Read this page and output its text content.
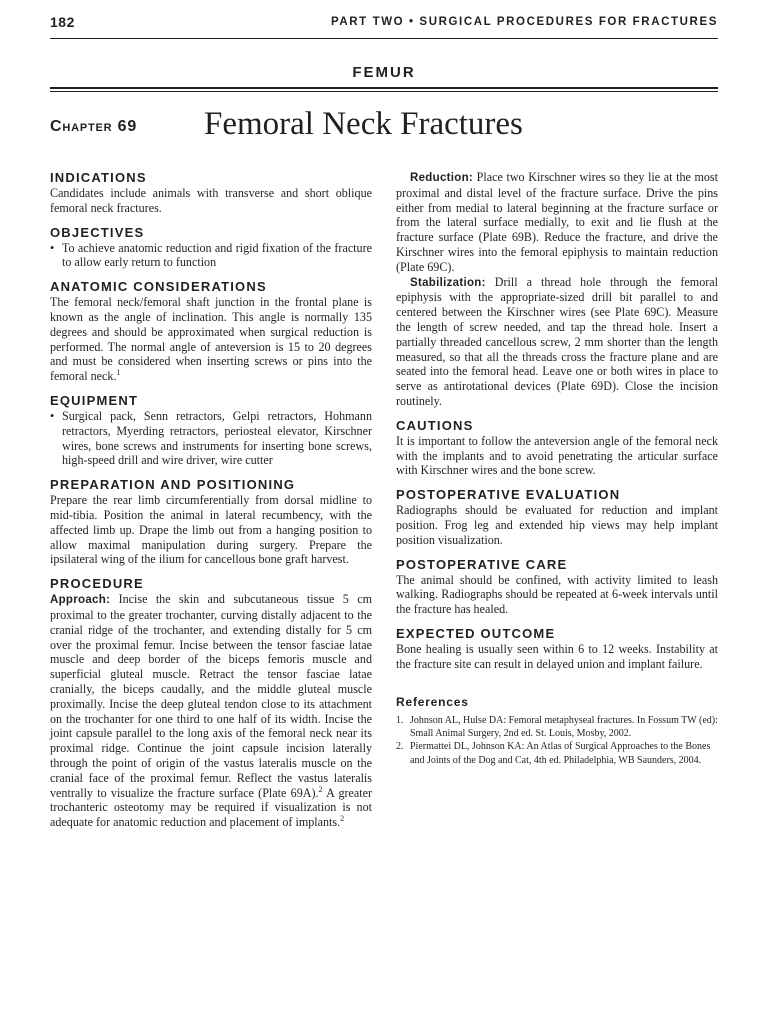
182	PART TWO • SURGICAL PROCEDURES FOR FRACTURES
FEMUR
Chapter 69 Femoral Neck Fractures
INDICATIONS

Candidates include animals with transverse and short oblique femoral neck fractures.

OBJECTIVES
• To achieve anatomic reduction and rigid fixation of the fracture to allow early return to function
ANATOMIC CONSIDERATIONS

The femoral neck/femoral shaft junction in the frontal plane is known as the angle of inclination. This angle is normally 135 degrees and should be approximated when surgical reduction is performed. The normal angle of anteversion is 15 to 20 degrees and must be considered when inserting screws or pins into the femoral neck.$^1$

EQUIPMENT
• Surgical pack, Senn retractors, Gelpi retractors, Hohmann retractors, Myerding retractors, periosteal elevator, Kirschner wires, bone screws and instruments for inserting bone screws, high-speed drill and wire driver, wire cutter
PREPARATION AND POSITIONING

Prepare the rear limb circumferentially from dorsal midline to mid-tibia. Position the animal in lateral recumbency, with the affected limb up. Drape the limb out from a hanging position to allow maximal manipulation during surgery. Prepare the ipsilateral wing of the ilium for cancellous bone graft harvest.

PROCEDURE

Approach: Incise the skin and subcutaneous tissue 5 cm proximal to the greater trochanter, curving distally adjacent to the cranial ridge of the trochanter, and extending distally for 5 cm over the proximal femur. Incise between the tensor fasciae latae muscle and deep border of the biceps femoris muscle and superficial gluteal muscle. Retract the tensor fasciae latae cranially, the biceps caudally, and the middle gluteal muscle proximally. Incise the deep gluteal tendon close to its attachment on the trochanter for one third to one half of its width. Incise the joint capsule parallel to the long axis of the femoral neck near its proximal ridge. Continue the joint capsule incision laterally through the point of origin of the vastus lateralis muscle on the cranial face of the proximal femur. Reflect the vastus lateralis ventrally to visualize the fracture surface (Plate 69A).$^2$ A greater trochanteric osteotomy may be required if visualization is not adequate for anatomic reduction and placement of implants.$^2$

Reduction: Place two Kirschner wires so they lie at the most proximal and distal level of the fracture surface. Drive the pins either from medial to lateral beginning at the fracture surface or from the lateral surface medially, to exit and lie flush at the fracture surface (Plate 69B). Reduce the fracture, and drive the Kirschner wires into the femoral epiphysis to maintain reduction (Plate 69C).

Stabilization: Drill a thread hole through the femoral epiphysis with the appropriate-sized drill bit parallel to and centered between the Kirschner wires (see Plate 69C). Measure the length of screw needed, and tap the thread hole. Insert a partially threaded cancellous screw, 2 mm shorter than the length measured, so that all the threads cross the fracture plane and are seated into the femoral head. Leave one or both wires in place to serve as antirotational devices (Plate 69D). Close the incision routinely.

CAUTIONS

It is important to follow the anteversion angle of the femoral neck with the implants and to avoid penetrating the articular surface with Kirschner wires and the bone screw.

POSTOPERATIVE EVALUATION

Radiographs should be evaluated for reduction and implant position. Frog leg and extended hip views may help implant position visualization.

POSTOPERATIVE CARE

The animal should be confined, with activity limited to leash walking. Radiographs should be repeated at 6-week intervals until the fracture has healed.

EXPECTED OUTCOME

Bone healing is usually seen within 6 to 12 weeks. Instability at the fracture site can result in delayed union and implant failure.

References
1. Johnson AL, Hulse DA: Femoral metaphyseal fractures. In Fossum TW (ed): Small Animal Surgery, 2nd ed. St. Louis, Mosby, 2002.
2. Piermattei DL, Johnson KA: An Atlas of Surgical Approaches to the Bones and Joints of the Dog and Cat, 4th ed. Philadelphia, WB Saunders, 2004.
